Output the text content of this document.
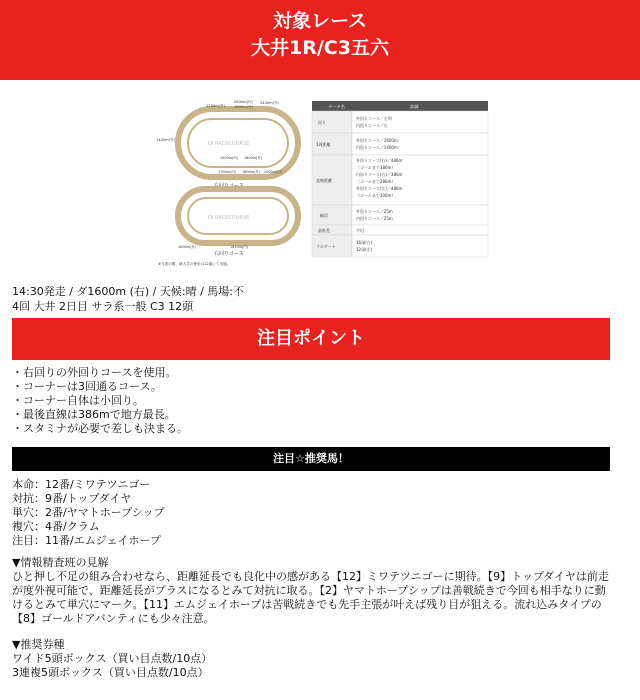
対象レース
大井1R/C3五六
OI RACECOURSE
右回りコース
1200m(外)
2600m(内)
1800m(外)
2400m(外)
1400m(外)
1500m(内) 1600m(外)
1700m(内) 1800m(外) 2000m(内)
OI RACECOURSE
1650m(内)
1000m(外)
右回りコース
※当面の間、鋳大井の使用は12頭にて実施。
データ名	詳細
回り
外回りコース／左利
内回りコース／右
1周距離
外回りコース／1600m
内回りコース／1400m
直線距離
外回りコース(右)／486m
（ゴールまで386m）
内回りコース(右)／386m
（ゴールまで286m）
外回りコース(左)／486m
（ゴールまで300m）
幅員
外回りコース／25m
内回りコース／25m
最低差	平坦
フルゲート
16頭(右)
12頭(左)
14:30発走 / ダ1600m (右) / 天候:晴 / 馬場:不
4回 大井 2日目 サラ系一般 C3 12頭
注目ポイント
・右回りの外回りコースを使用。
・コーナーは3回通るコース。
・コーナー自体は小回り。
・最後直線は386mで地方最長。
・スタミナが必要で差しも決まる。
注目☆推奨馬！
本命：12番/ミワテツニゴー
対抗：9番/トップダイヤ
単穴：2番/ヤマトホープシップ
複穴：4番/クラム
注目：11番/エムジェイホープ
▼情報精査班の見解
ひと押し不足の組み合わせなら、距離延長でも良化中の感がある【12】ミワテツニゴーに期待。【9】トップダイヤは前走が度外視可能で、距離延長がプラスになるとみて対抗に取る。【2】ヤマトホープシップは善戦続きで今回も相手なりに動けるとみて単穴にマーク。【11】エムジェイホープは苦戦続きでも先手主張が叶えば残り目が狙える。流れ込みタイプの【8】ゴールドアバンティにも少々注意。
▼推奨券種
ワイド5頭ボックス（買い目点数/10点）
3連複5頭ボックス（買い目点数/10点）
